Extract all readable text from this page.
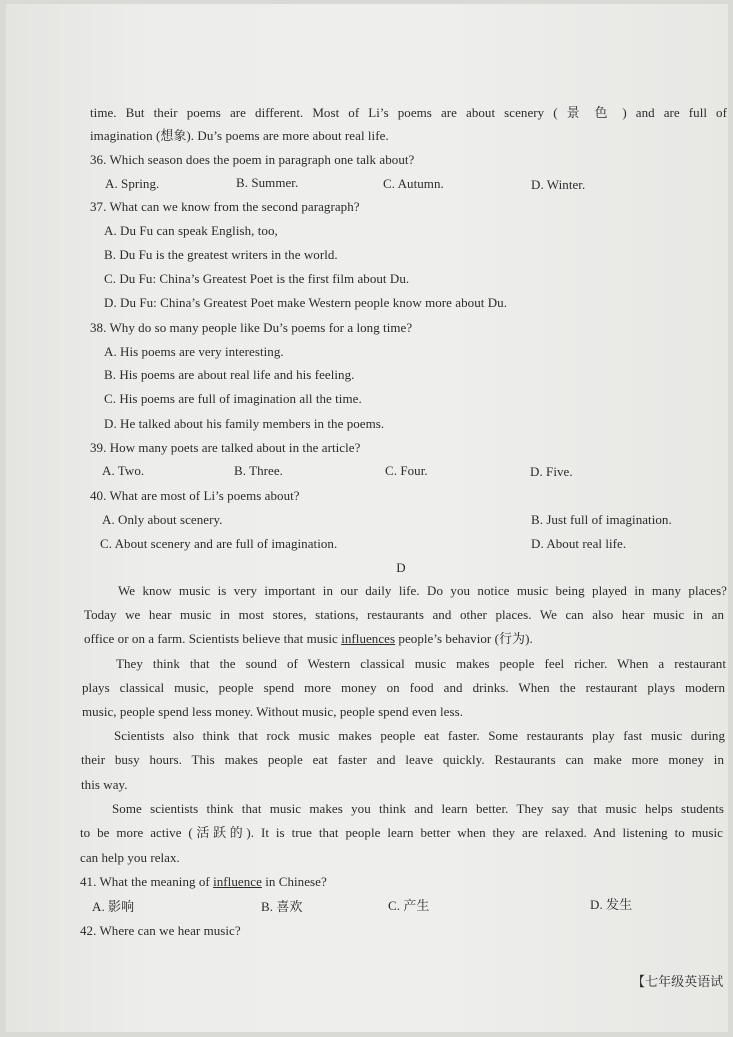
time. But their poems are different. Most of Li’s poems are about scenery ( 景 色 ) and are full of
imagination (想象). Du’s poems are more about real life.
36. Which season does the poem in paragraph one talk about?
A. Spring.	B. Summer.	C. Autumn.	D. Winter.
37. What can we know from the second paragraph?
A. Du Fu can speak English, too,
B. Du Fu is the greatest writers in the world.
C. Du Fu: China’s Greatest Poet is the first film about Du.
D. Du Fu: China’s Greatest Poet make Western people know more about Du.
38. Why do so many people like Du’s poems for a long time?
A. His poems are very interesting.
B. His poems are about real life and his feeling.
C. His poems are full of imagination all the time.
D. He talked about his family members in the poems.
39. How many poets are talked about in the article?
A. Two.	B. Three.	C. Four.	D. Five.
40. What are most of Li’s poems about?
A. Only about scenery.	B. Just full of imagination.
C. About scenery and are full of imagination.	D. About real life.
D
We know music is very important in our daily life. Do you notice music being played in many places?
Today we hear music in most stores, stations, restaurants and other places. We can also hear music in an
office or on a farm. Scientists believe that music influences people’s behavior (行为).
They think that the sound of Western classical music makes people feel richer. When a restaurant
plays classical music, people spend more money on food and drinks. When the restaurant plays modern
music, people spend less money. Without music, people spend even less.
Scientists also think that rock music makes people eat faster. Some restaurants play fast music during
their busy hours. This makes people eat faster and leave quickly. Restaurants can make more money in
this way.
Some scientists think that music makes you think and learn better. They say that music helps students
to be more active (活跃的). It is true that people learn better when they are relaxed. And listening to music
can help you relax.
41. What the meaning of influence in Chinese?
A. 影响	B. 喜欢	C. 产生	D. 发生
42. Where can we hear music?
【七年级英语试
